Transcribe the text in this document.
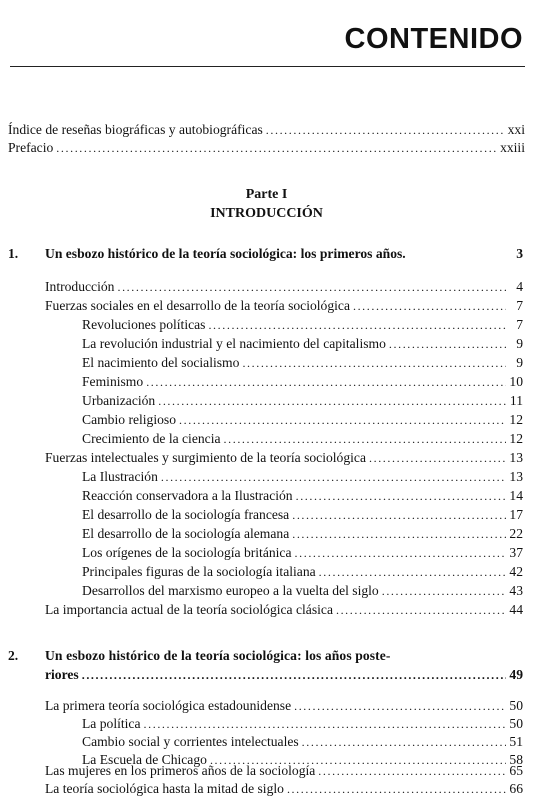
CONTENIDO
Índice de reseñas biográficas y autobiográficas .....	xxi
Prefacio .....	xxiii
Parte I
INTRODUCCIÓN
1. Un esbozo histórico de la teoría sociológica: los primeros años.	3
Introducción .....	4
Fuerzas sociales en el desarrollo de la teoría sociológica .....	7
Revoluciones políticas .....	7
La revolución industrial y el nacimiento del capitalismo .....	9
El nacimiento del socialismo .....	9
Feminismo .....	10
Urbanización .....	11
Cambio religioso .....	12
Crecimiento de la ciencia .....	12
Fuerzas intelectuales y surgimiento de la teoría sociológica .....	13
La Ilustración .....	13
Reacción conservadora a la Ilustración .....	14
El desarrollo de la sociología francesa .....	17
El desarrollo de la sociología alemana .....	22
Los orígenes de la sociología británica .....	37
Principales figuras de la sociología italiana .....	42
Desarrollos del marxismo europeo a la vuelta del siglo .....	43
La importancia actual de la teoría sociológica clásica .....	44
2. Un esbozo histórico de la teoría sociológica: los años poste-
riores .....	49
La primera teoría sociológica estadounidense .....	50
La política .....	50
Cambio social y corrientes intelectuales .....	51
La Escuela de Chicago .....	58
Las mujeres en los primeros años de la sociología .....	65
La teoría sociológica hasta la mitad de siglo .....	66
